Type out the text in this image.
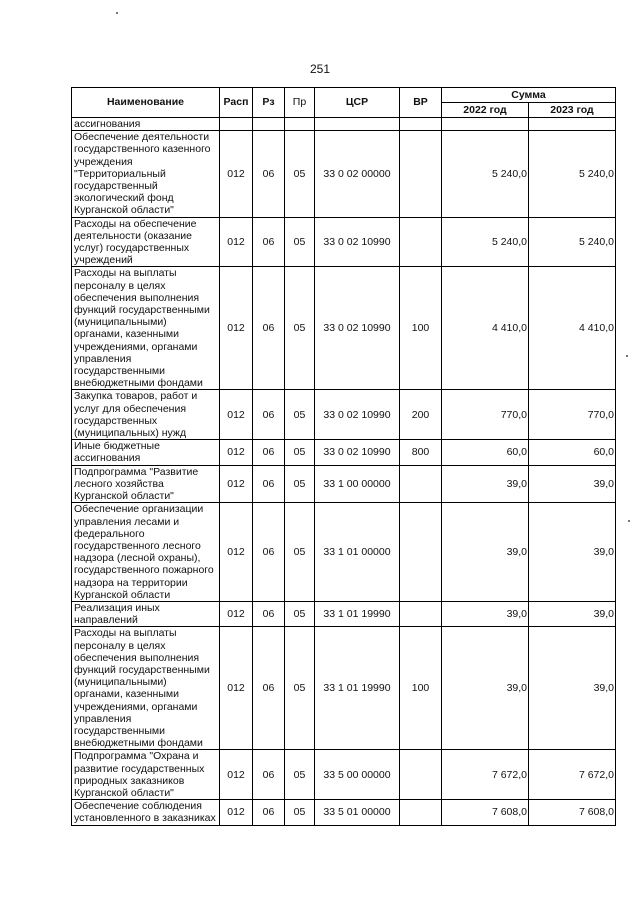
251
Наименование	Расп	Рз	Пр	ЦСР	ВР	Сумма	
						2022 год	2023 год
ассигнования							
Обеспечение деятельности государственного казенного учреждения "Территориальный государственный экологический фонд Курганской области"	012	06	05	33 0 02 00000		5 240,0	5 240,0
Расходы на обеспечение деятельности (оказание услуг) государственных учреждений	012	06	05	33 0 02 10990		5 240,0	5 240,0
Расходы на выплаты персоналу в целях обеспечения выполнения функций государственными (муниципальными) органами, казенными учреждениями, органами управления государственными внебюджетными фондами	012	06	05	33 0 02 10990	100	4 410,0	4 410,0
Закупка товаров, работ и услуг для обеспечения государственных (муниципальных) нужд	012	06	05	33 0 02 10990	200	770,0	770,0
Иные бюджетные ассигнования	012	06	05	33 0 02 10990	800	60,0	60,0
Подпрограмма "Развитие лесного хозяйства Курганской области"	012	06	05	33 1 00 00000		39,0	39,0
Обеспечение организации управления лесами и федерального государственного лесного надзора (лесной охраны), государственного пожарного надзора на территории Курганской области	012	06	05	33 1 01 00000		39,0	39,0
Реализация иных направлений	012	06	05	33 1 01 19990		39,0	39,0
Расходы на выплаты персоналу в целях обеспечения выполнения функций государственными (муниципальными) органами, казенными учреждениями, органами управления государственными внебюджетными фондами	012	06	05	33 1 01 19990	100	39,0	39,0
Подпрограмма "Охрана и развитие государственных природных заказников Курганской области"	012	06	05	33 5 00 00000		7 672,0	7 672,0
Обеспечение соблюдения установленного в заказниках	012	06	05	33 5 01 00000		7 608,0	7 608,0
